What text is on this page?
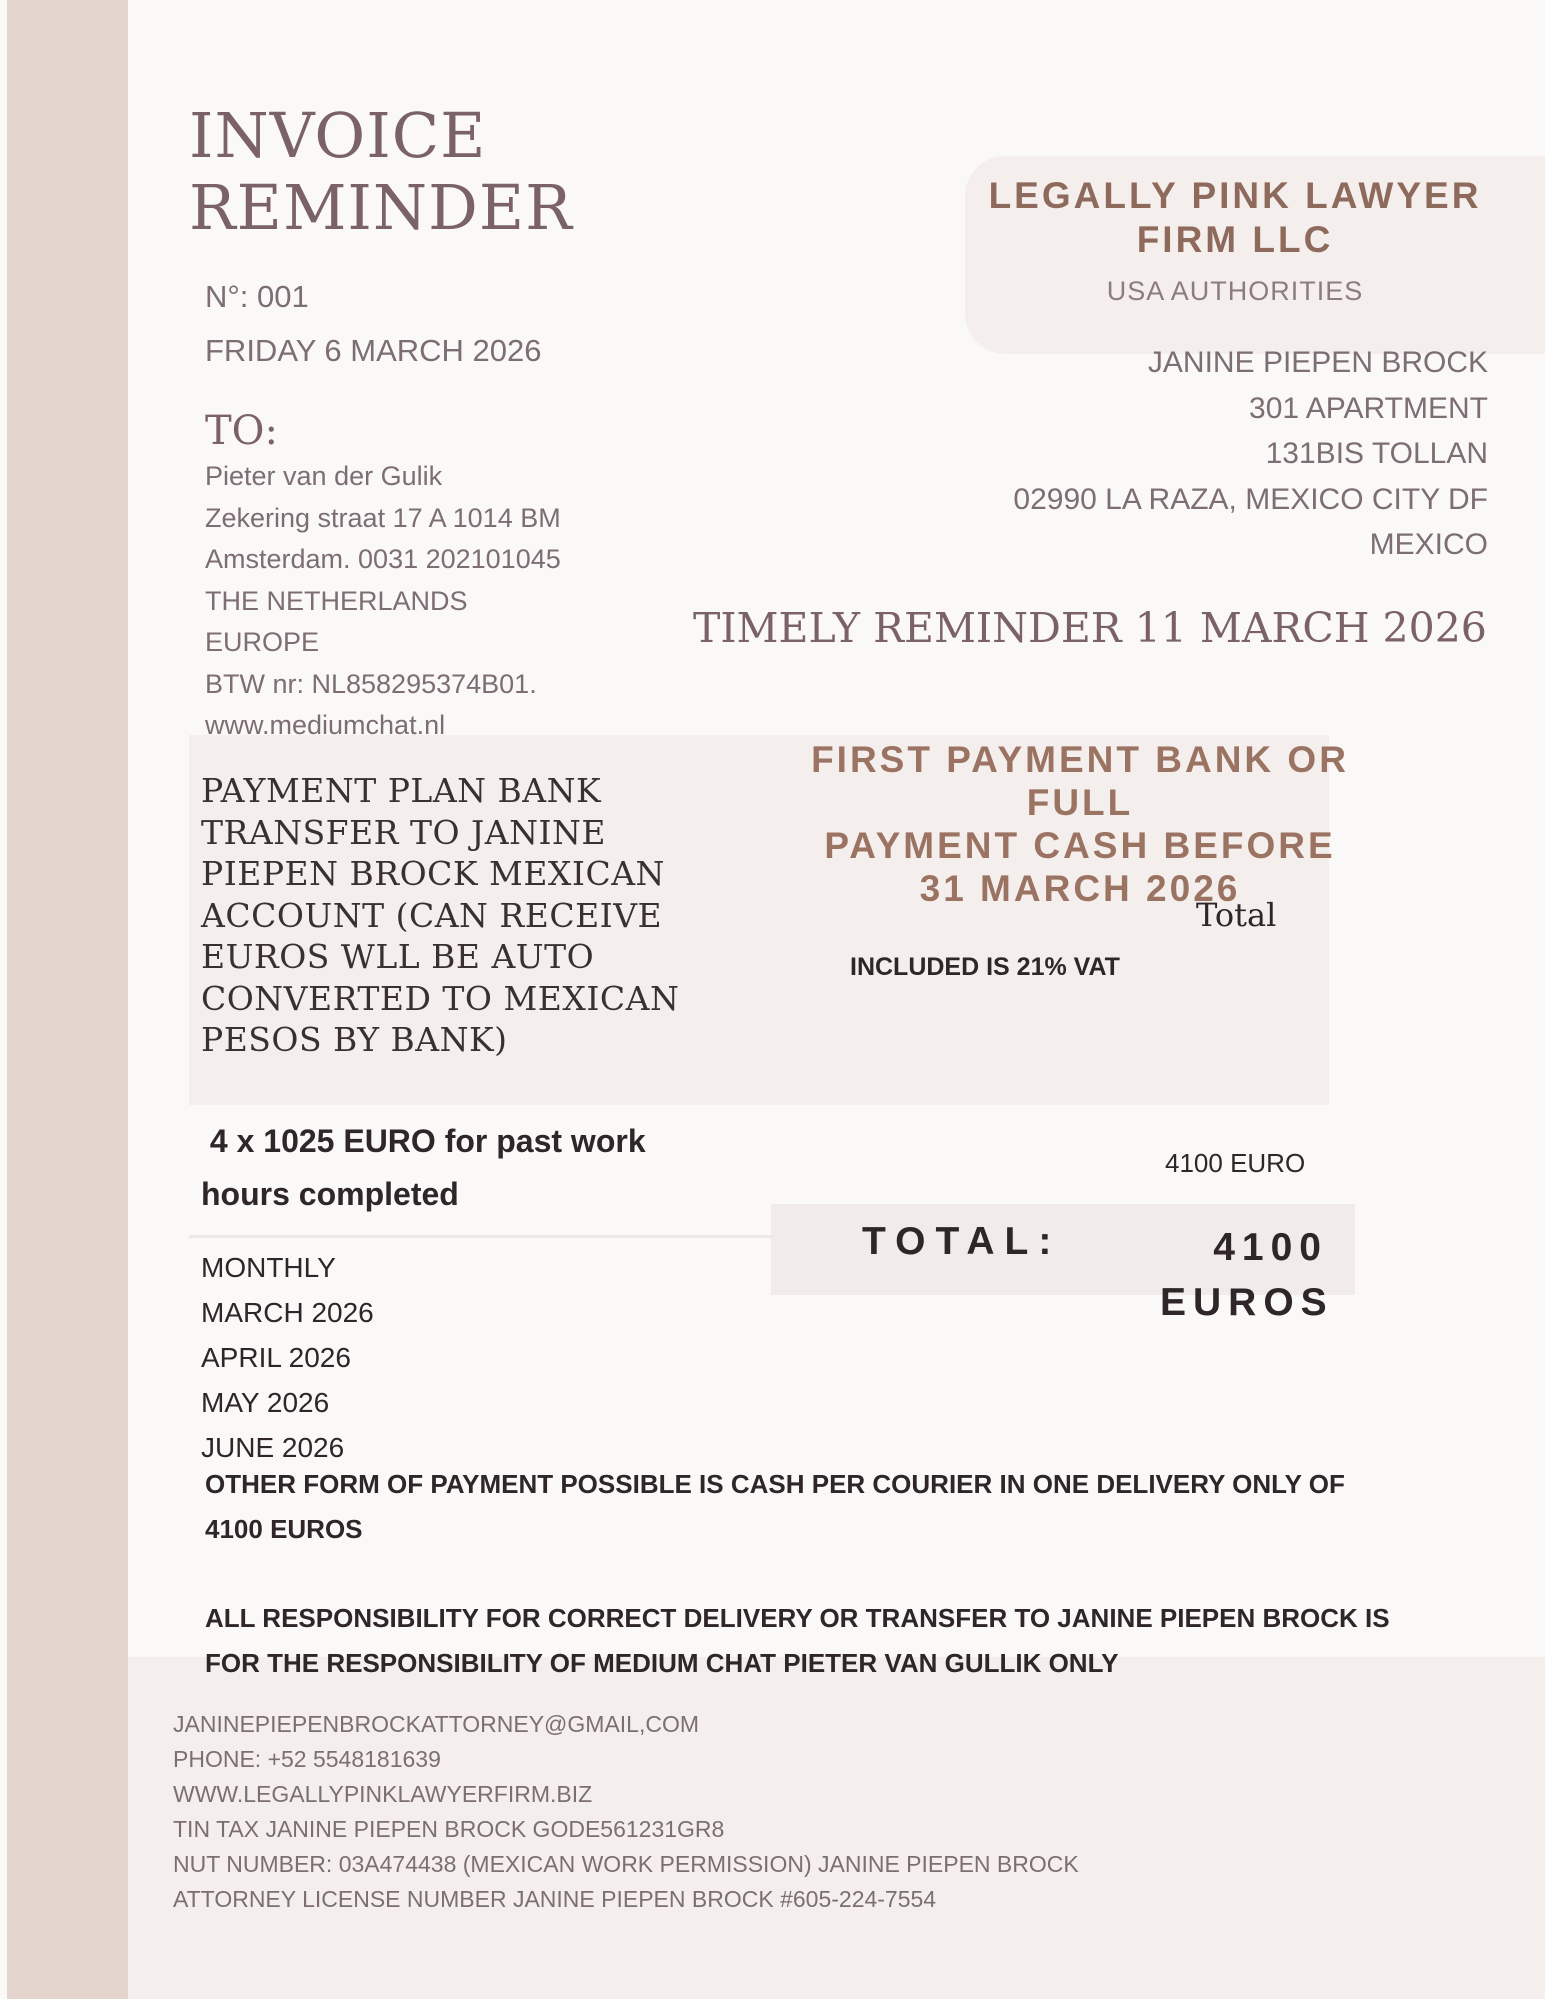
INVOICE
REMINDER
N°: 001
FRIDAY 6 MARCH 2026
TO:
Pieter van der Gulik
Zekering straat 17 A 1014 BM
Amsterdam. 0031 202101045
THE NETHERLANDS
EUROPE
BTW nr: NL858295374B01.
www.mediumchat.nl
LEGALLY PINK LAWYER
FIRM LLC
USA AUTHORITIES
JANINE PIEPEN BROCK
301 APARTMENT
131BIS TOLLAN
02990 LA RAZA, MEXICO CITY DF
MEXICO
TIMELY REMINDER 11 MARCH 2026
PAYMENT PLAN BANK
TRANSFER TO JANINE
PIEPEN BROCK MEXICAN
ACCOUNT (CAN RECEIVE
EUROS WLL BE AUTO
CONVERTED TO MEXICAN
PESOS BY BANK)
FIRST PAYMENT BANK OR FULL
PAYMENT CASH BEFORE
31 MARCH 2026
Total
INCLUDED IS 21% VAT
4 x 1025 EURO for past work
hours completed
4100 EURO
MONTHLY
MARCH 2026
APRIL 2026
MAY 2026
JUNE 2026
TOTAL:	4100
EUROS
OTHER FORM OF PAYMENT POSSIBLE IS CASH PER COURIER IN ONE DELIVERY ONLY OF
4100 EUROS
ALL RESPONSIBILITY FOR CORRECT DELIVERY OR TRANSFER TO JANINE PIEPEN BROCK IS
FOR THE RESPONSIBILITY OF MEDIUM CHAT PIETER VAN GULLIK ONLY
JANINEPIEPENBROCKATTORNEY@GMAIL,COM
PHONE: +52 5548181639
WWW.LEGALLYPINKLAWYERFIRM.BIZ
TIN TAX JANINE PIEPEN BROCK GODE561231GR8
NUT NUMBER: 03A474438 (MEXICAN WORK PERMISSION) JANINE PIEPEN BROCK
ATTORNEY LICENSE NUMBER JANINE PIEPEN BROCK #605-224-7554
